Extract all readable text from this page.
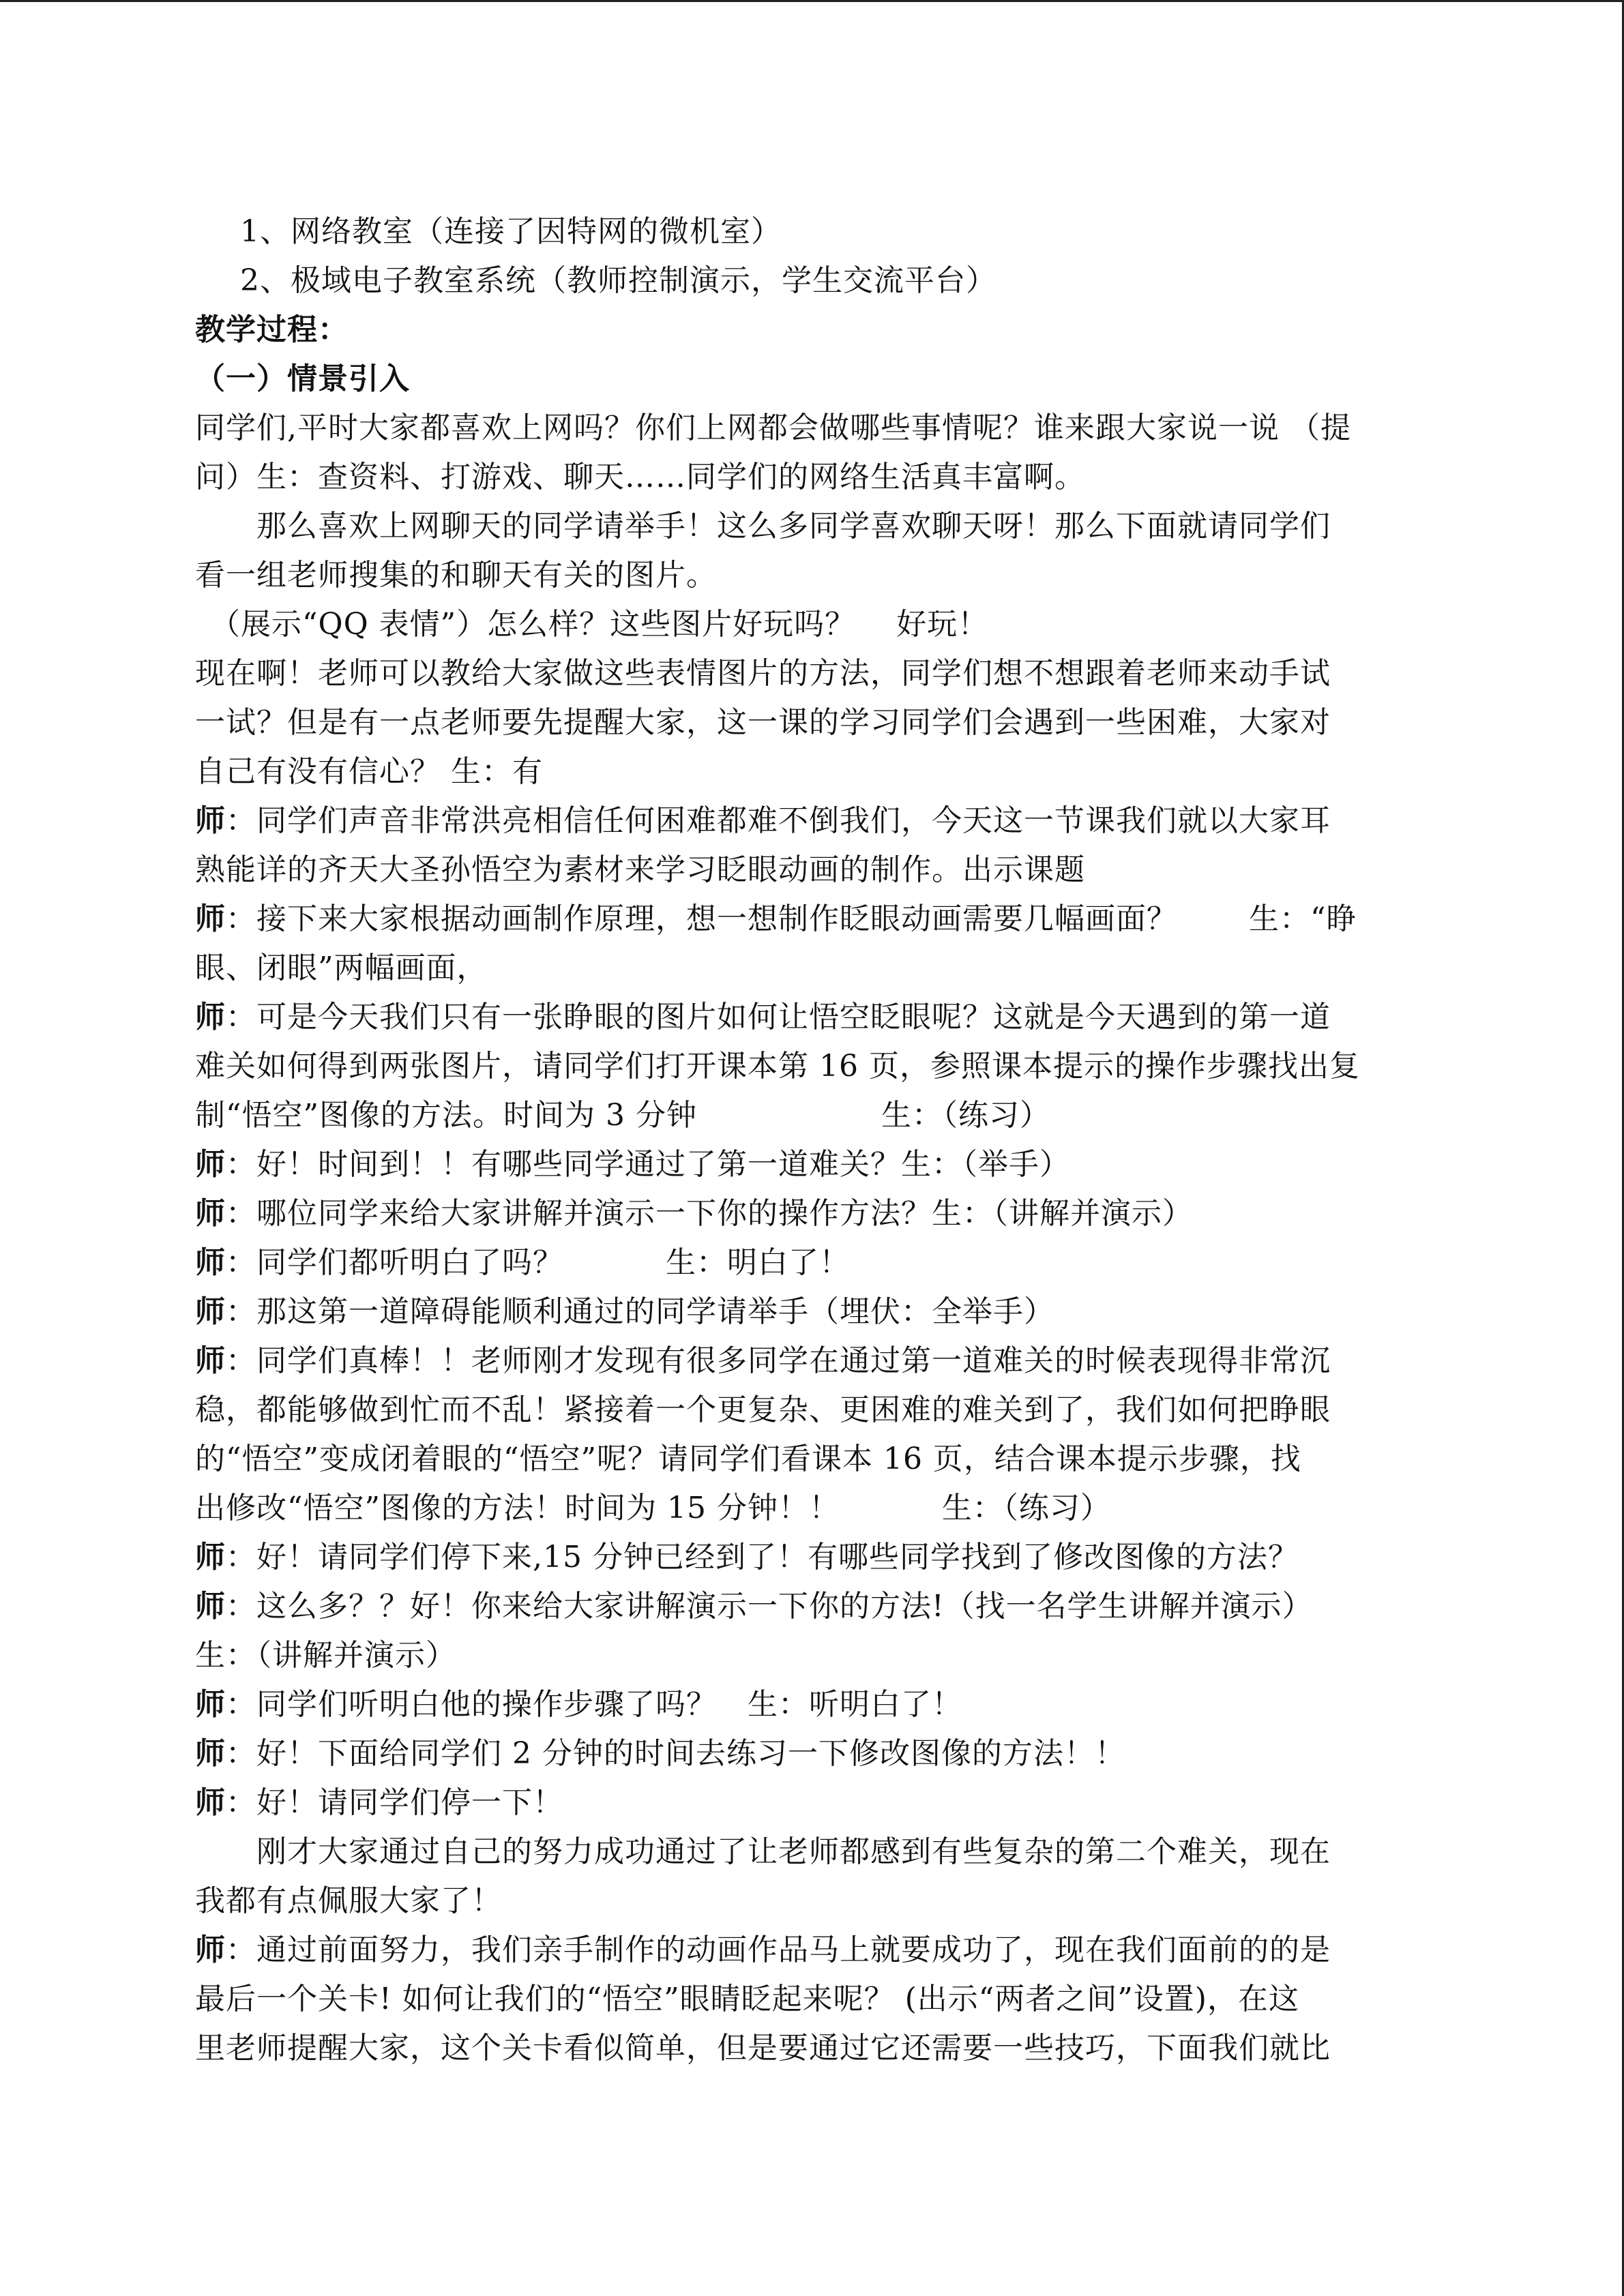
1、网络教室（连接了因特网的微机室）
2、极域电子教室系统（教师控制演示，学生交流平台）
教学过程：
（一）情景引入
同学们,平时大家都喜欢上网吗？你们上网都会做哪些事情呢？谁来跟大家说一说 （提
问）生：查资料、打游戏、聊天……同学们的网络生活真丰富啊。
那么喜欢上网聊天的同学请举手！这么多同学喜欢聊天呀！那么下面就请同学们
看一组老师搜集的和聊天有关的图片。
（展示“QQ 表情”）怎么样？这些图片好玩吗？　 好玩！
现在啊！老师可以教给大家做这些表情图片的方法，同学们想不想跟着老师来动手试
一试？但是有一点老师要先提醒大家，这一课的学习同学们会遇到一些困难，大家对
自己有没有信心？ 生：有
师：同学们声音非常洪亮相信任何困难都难不倒我们，今天这一节课我们就以大家耳
熟能详的齐天大圣孙悟空为素材来学习眨眼动画的制作。出示课题
师：接下来大家根据动画制作原理，想一想制作眨眼动画需要几幅画面？　　 生：“睁
眼、闭眼”两幅画面，
师：可是今天我们只有一张睁眼的图片如何让悟空眨眼呢？这就是今天遇到的第一道
难关如何得到两张图片，请同学们打开课本第 16 页，参照课本提示的操作步骤找出复
制“悟空”图像的方法。时间为 3 分钟　　　　　　生：（练习）
师：好！时间到！！有哪些同学通过了第一道难关？生：（举手）
师：哪位同学来给大家讲解并演示一下你的操作方法？生：（讲解并演示）
师：同学们都听明白了吗？　　　 生：明白了！
师：那这第一道障碍能顺利通过的同学请举手（埋伏：全举手）
师：同学们真棒！！老师刚才发现有很多同学在通过第一道难关的时候表现得非常沉
稳，都能够做到忙而不乱！紧接着一个更复杂、更困难的难关到了，我们如何把睁眼
的“悟空”变成闭着眼的“悟空”呢？请同学们看课本 16 页，结合课本提示步骤，找
出修改“悟空”图像的方法！时间为 15 分钟！！　　　 生：（练习）
师：好！请同学们停下来,15 分钟已经到了！有哪些同学找到了修改图像的方法？
师：这么多？？好！你来给大家讲解演示一下你的方法!（找一名学生讲解并演示）
生：（讲解并演示）
师：同学们听明白他的操作步骤了吗？　生：听明白了！
师：好！下面给同学们 2 分钟的时间去练习一下修改图像的方法！！
师：好！请同学们停一下！
刚才大家通过自己的努力成功通过了让老师都感到有些复杂的第二个难关，现在
我都有点佩服大家了！
师：通过前面努力，我们亲手制作的动画作品马上就要成功了，现在我们面前的的是
最后一个关卡! 如何让我们的“悟空”眼睛眨起来呢？ (出示“两者之间”设置)，在这
里老师提醒大家，这个关卡看似简单，但是要通过它还需要一些技巧，下面我们就比
